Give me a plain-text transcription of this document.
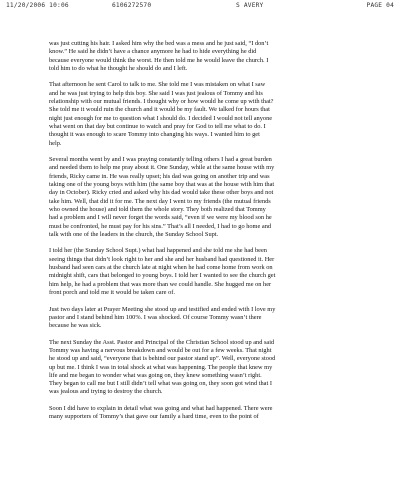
11/20/2006 10:06	6106272570	S AVERY	PAGE 04

was just cutting his hair. I asked him why the bed was a mess and he just said, “I don’t
know.” He said he didn’t have a chance anymore he had to hide everything he did
because everyone would think the worst. He then told me he would leave the church. I
told him to do what he thought he should do and I left.

That afternoon he sent Carol to talk to me. She told me I was mistaken on what I saw
and he was just trying to help this boy. She said I was just jealous of Tommy and his
relationship with our mutual friends. I thought why or how would he come up with that?
She told me it would ruin the church and it would be my fault. We talked for hours that
night just enough for me to question what I should do. I decided I would not tell anyone
what went on that day but continue to watch and pray for God to tell me what to do. I
thought it was enough to scare Tommy into changing his ways. I wanted him to get
help.

Several months went by and I was praying constantly telling others I had a great burden
and needed them to help me pray about it. One Sunday, while at the same house with my
friends, Ricky came in. He was really upset; his dad was going on another trip and was
taking one of the young boys with him (the same boy that was at the house with him that
day in October). Ricky cried and asked why his dad would take these other boys and not
take him. Well, that did it for me. The next day I went to my friends (the mutual friends
who owned the house) and told them the whole story. They both realized that Tommy
had a problem and I will never forget the words said, “even if we were my blood son he
must be confronted, he must pay for his sins.” That’s all I needed, I had to go home and
talk with one of the leaders in the church, the Sunday School Supt.

I told her (the Sunday School Supt.) what had happened and she told me she had been
seeing things that didn’t look right to her and she and her husband had questioned it. Her
husband had seen cars at the church late at night when he had come home from work on
midnight shift, cars that belonged to young boys. I told her I wanted to see the church get
him help, he had a problem that was more than we could handle. She hugged me on her
front porch and told me it would be taken care of.

Just two days later at Prayer Meeting she stood up and testified and ended with I love my
pastor and I stand behind him 100%. I was shocked. Of course Tommy wasn’t there
because he was sick.

The next Sunday the Asst. Pastor and Principal of the Christian School stood up and said
Tommy was having a nervous breakdown and would be out for a few weeks. That night
he stood up and said, “everyone that is behind our pastor stand up”. Well, everyone stood
up but me. I think I was in total shock at what was happening. The people that knew my
life and me began to wonder what was going on, they knew something wasn’t right.
They began to call me but I still didn’t tell what was going on, they soon got wind that I
was jealous and trying to destroy the church.

Soon I did have to explain in detail what was going and what had happened. There were
many supporters of Tommy’s that gave our family a hard time, even to the point of
